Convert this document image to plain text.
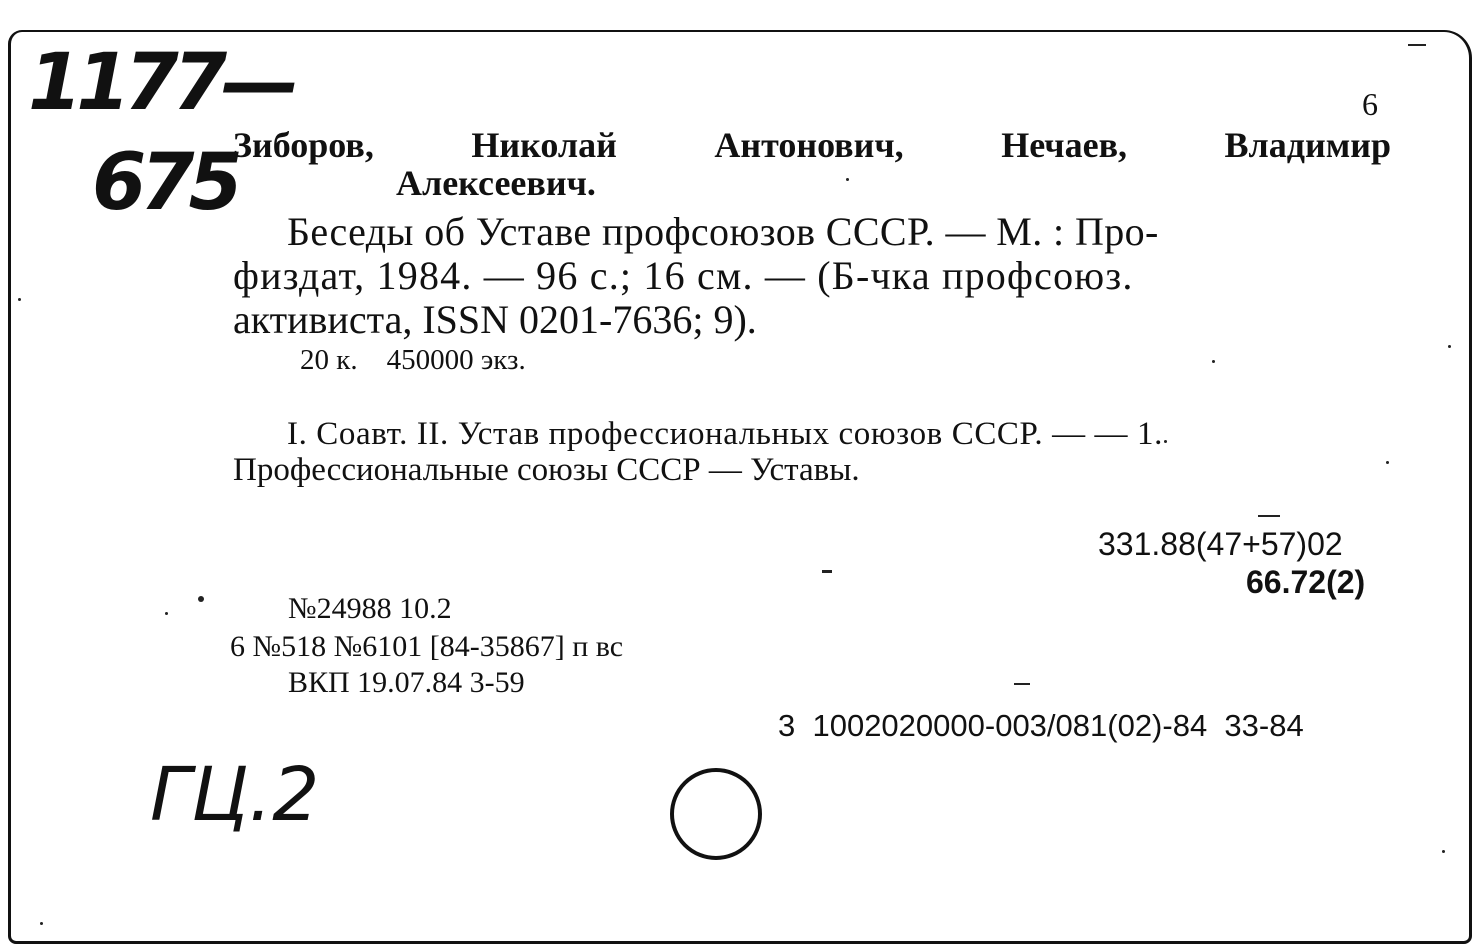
1177—
675
6
Зиборов,	Николай	Антонович,	Нечаев,	Владимир
Алексеевич.
Беседы об Уставе профсоюзов СССР. — М. : Про-
физдат, 1984. — 96 с.; 16 см. — (Б-чка профсоюз.
активиста, ISSN 0201-7636; 9).
20 к.    450000 экз.
I. Соавт. II. Устав профессиональных союзов СССР. — — 1.
Профессиональные союзы СССР — Уставы.
331.88(47+57)02
66.72(2)
№24988 10.2
6 №518 №6101 [84-35867] п вс
ВКП 19.07.84 3-59
3  1002020000-003/081(02)-84  33-84
ГЦ.2
